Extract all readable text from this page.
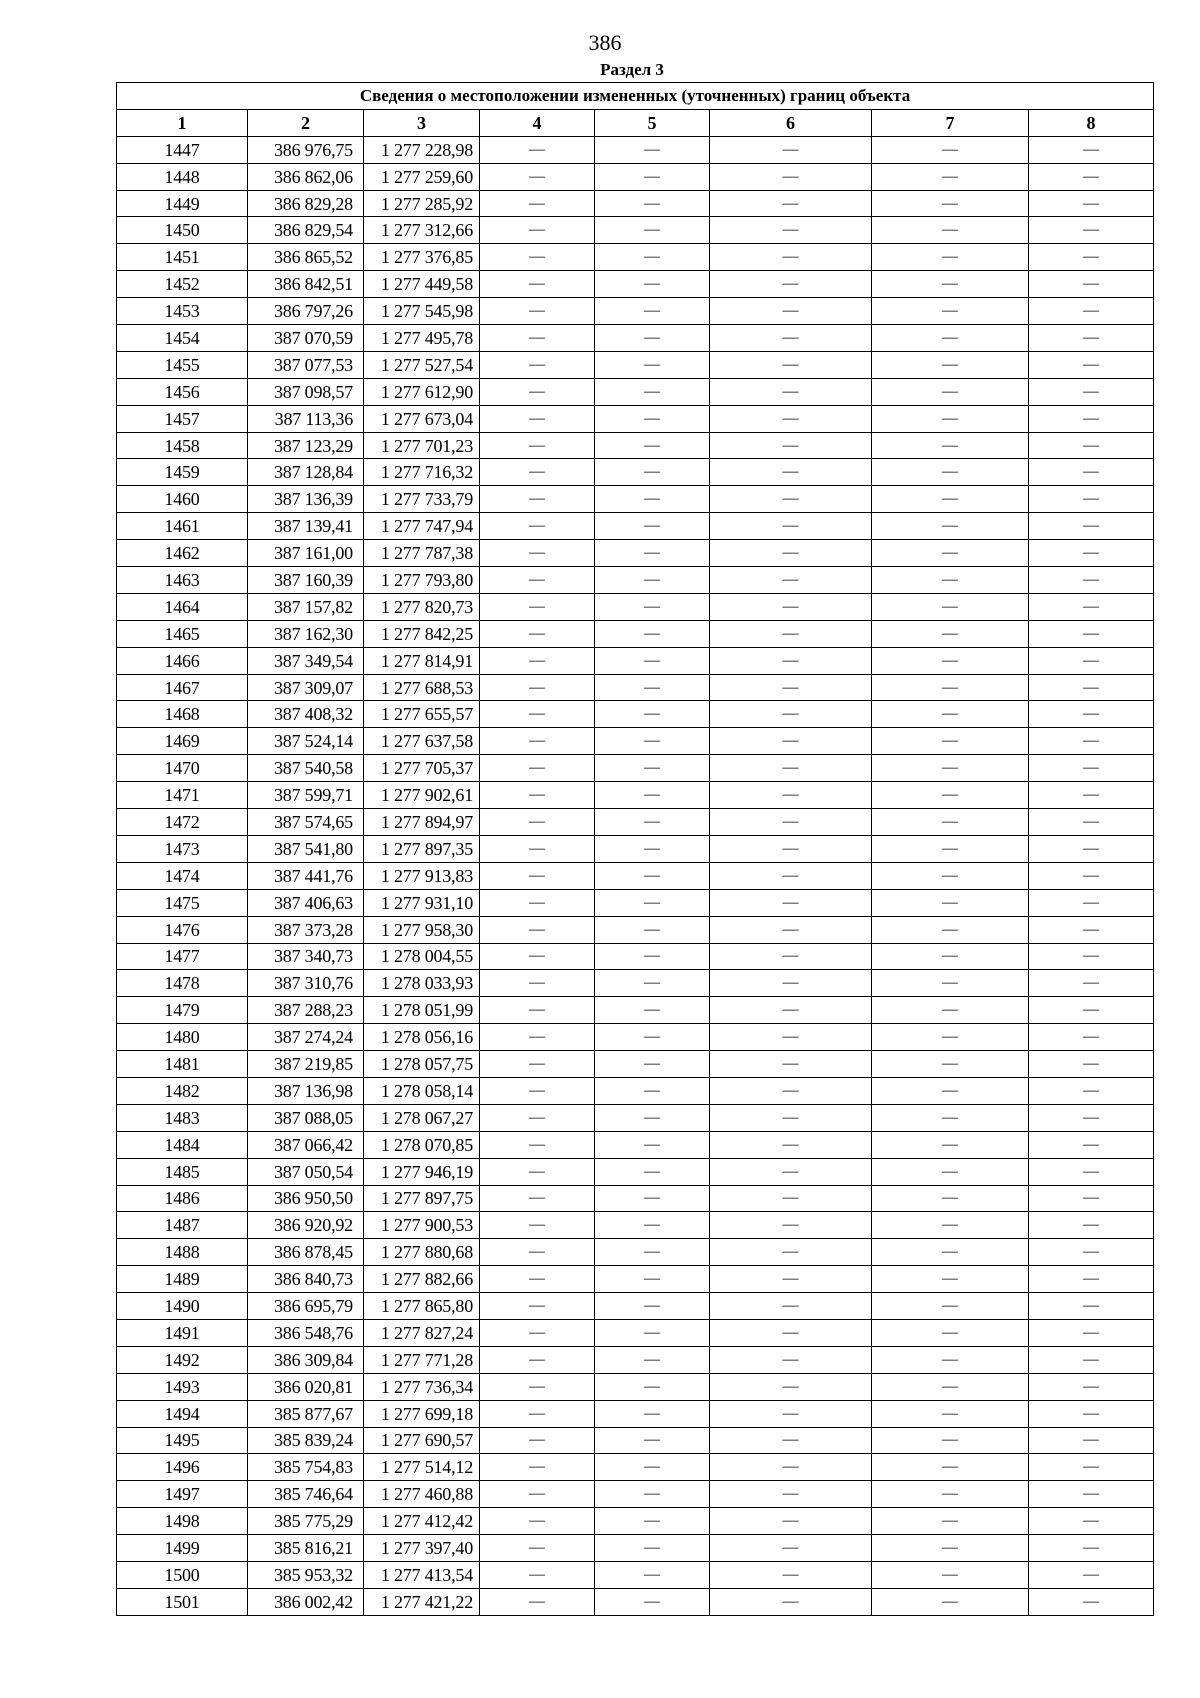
386
Раздел 3
Сведения о местоположении измененных (уточненных) границ объекта							
1	2	3	4	5	6	7	8
1447	386 976,75	1 277 228,98	—	—	—	—	—
1448	386 862,06	1 277 259,60	—	—	—	—	—
1449	386 829,28	1 277 285,92	—	—	—	—	—
1450	386 829,54	1 277 312,66	—	—	—	—	—
1451	386 865,52	1 277 376,85	—	—	—	—	—
1452	386 842,51	1 277 449,58	—	—	—	—	—
1453	386 797,26	1 277 545,98	—	—	—	—	—
1454	387 070,59	1 277 495,78	—	—	—	—	—
1455	387 077,53	1 277 527,54	—	—	—	—	—
1456	387 098,57	1 277 612,90	—	—	—	—	—
1457	387 113,36	1 277 673,04	—	—	—	—	—
1458	387 123,29	1 277 701,23	—	—	—	—	—
1459	387 128,84	1 277 716,32	—	—	—	—	—
1460	387 136,39	1 277 733,79	—	—	—	—	—
1461	387 139,41	1 277 747,94	—	—	—	—	—
1462	387 161,00	1 277 787,38	—	—	—	—	—
1463	387 160,39	1 277 793,80	—	—	—	—	—
1464	387 157,82	1 277 820,73	—	—	—	—	—
1465	387 162,30	1 277 842,25	—	—	—	—	—
1466	387 349,54	1 277 814,91	—	—	—	—	—
1467	387 309,07	1 277 688,53	—	—	—	—	—
1468	387 408,32	1 277 655,57	—	—	—	—	—
1469	387 524,14	1 277 637,58	—	—	—	—	—
1470	387 540,58	1 277 705,37	—	—	—	—	—
1471	387 599,71	1 277 902,61	—	—	—	—	—
1472	387 574,65	1 277 894,97	—	—	—	—	—
1473	387 541,80	1 277 897,35	—	—	—	—	—
1474	387 441,76	1 277 913,83	—	—	—	—	—
1475	387 406,63	1 277 931,10	—	—	—	—	—
1476	387 373,28	1 277 958,30	—	—	—	—	—
1477	387 340,73	1 278 004,55	—	—	—	—	—
1478	387 310,76	1 278 033,93	—	—	—	—	—
1479	387 288,23	1 278 051,99	—	—	—	—	—
1480	387 274,24	1 278 056,16	—	—	—	—	—
1481	387 219,85	1 278 057,75	—	—	—	—	—
1482	387 136,98	1 278 058,14	—	—	—	—	—
1483	387 088,05	1 278 067,27	—	—	—	—	—
1484	387 066,42	1 278 070,85	—	—	—	—	—
1485	387 050,54	1 277 946,19	—	—	—	—	—
1486	386 950,50	1 277 897,75	—	—	—	—	—
1487	386 920,92	1 277 900,53	—	—	—	—	—
1488	386 878,45	1 277 880,68	—	—	—	—	—
1489	386 840,73	1 277 882,66	—	—	—	—	—
1490	386 695,79	1 277 865,80	—	—	—	—	—
1491	386 548,76	1 277 827,24	—	—	—	—	—
1492	386 309,84	1 277 771,28	—	—	—	—	—
1493	386 020,81	1 277 736,34	—	—	—	—	—
1494	385 877,67	1 277 699,18	—	—	—	—	—
1495	385 839,24	1 277 690,57	—	—	—	—	—
1496	385 754,83	1 277 514,12	—	—	—	—	—
1497	385 746,64	1 277 460,88	—	—	—	—	—
1498	385 775,29	1 277 412,42	—	—	—	—	—
1499	385 816,21	1 277 397,40	—	—	—	—	—
1500	385 953,32	1 277 413,54	—	—	—	—	—
1501	386 002,42	1 277 421,22	—	—	—	—	—
